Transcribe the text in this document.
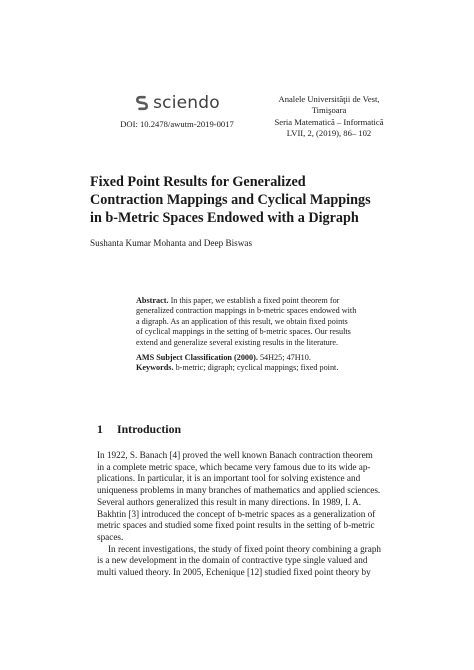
sciendo
DOI: 10.2478/awutm-2019-0017
Analele Universităţii de Vest,
Timişoara
Seria Matematică – Informatică
LVII, 2, (2019), 86– 102
Fixed Point Results for Generalized
Contraction Mappings and Cyclical Mappings
in b-Metric Spaces Endowed with a Digraph
Sushanta Kumar Mohanta and Deep Biswas
Abstract. In this paper, we establish a fixed point theorem for
generalized contraction mappings in b-metric spaces endowed with
a digraph. As an application of this result, we obtain fixed points
of cyclical mappings in the setting of b-metric spaces. Our results
extend and generalize several existing results in the literature.
AMS Subject Classification (2000). 54H25; 47H10.
Keywords. b-metric; digraph; cyclical mappings; fixed point.
1 Introduction
In 1922, S. Banach [4] proved the well known Banach contraction theorem
in a complete metric space, which became very famous due to its wide ap-
plications. In particular, it is an important tool for solving existence and
uniqueness problems in many branches of mathematics and applied sciences.
Several authors generalized this result in many directions. In 1989, I. A.
Bakhtin [3] introduced the concept of b-metric spaces as a generalization of
metric spaces and studied some fixed point results in the setting of b-metric
spaces.
In recent investigations, the study of fixed point theory combining a graph
is a new development in the domain of contractive type single valued and
multi valued theory. In 2005, Echenique [12] studied fixed point theory by
